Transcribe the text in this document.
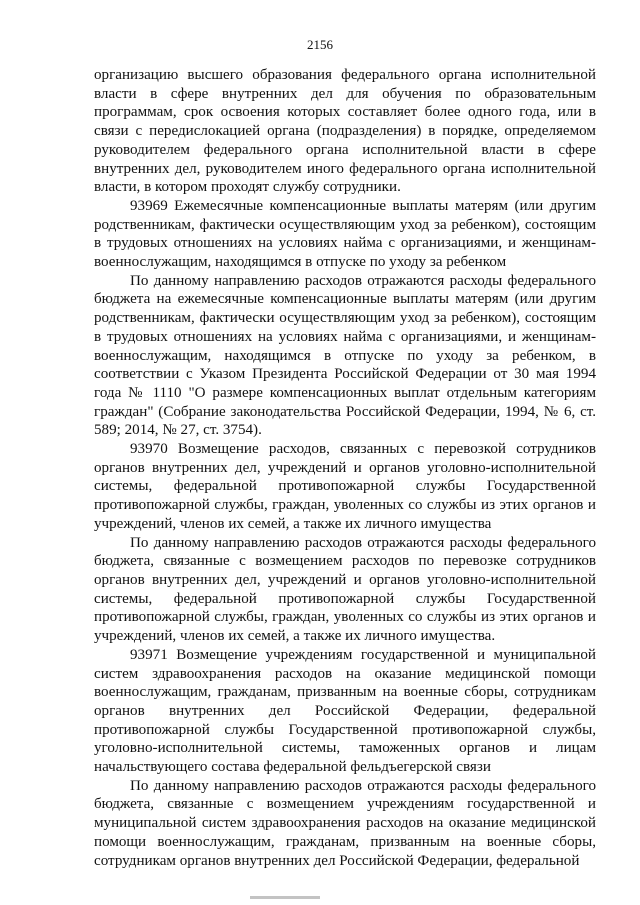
2156

организацию высшего образования федерального органа исполнительной власти в сфере внутренних дел для обучения по образовательным программам, срок освоения которых составляет более одного года, или в связи с передислокацией органа (подразделения) в порядке, определяемом руководителем федерального органа исполнительной власти в сфере внутренних дел, руководителем иного федерального органа исполнительной власти, в котором проходят службу сотрудники.

93969 Ежемесячные компенсационные выплаты матерям (или другим родственникам, фактически осуществляющим уход за ребенком), состоящим в трудовых отношениях на условиях найма с организациями, и женщинам-военнослужащим, находящимся в отпуске по уходу за ребенком

По данному направлению расходов отражаются расходы федерального бюджета на ежемесячные компенсационные выплаты матерям (или другим родственникам, фактически осуществляющим уход за ребенком), состоящим в трудовых отношениях на условиях найма с организациями, и женщинам-военнослужащим, находящимся в отпуске по уходу за ребенком, в соответствии с Указом Президента Российской Федерации от 30 мая 1994 года № 1110 "О размере компенсационных выплат отдельным категориям граждан" (Собрание законодательства Российской Федерации, 1994, № 6, ст. 589; 2014, № 27, ст. 3754).

93970 Возмещение расходов, связанных с перевозкой сотрудников органов внутренних дел, учреждений и органов уголовно-исполнительной системы, федеральной противопожарной службы Государственной противопожарной службы, граждан, уволенных со службы из этих органов и учреждений, членов их семей, а также их личного имущества

По данному направлению расходов отражаются расходы федерального бюджета, связанные с возмещением расходов по перевозке сотрудников органов внутренних дел, учреждений и органов уголовно-исполнительной системы, федеральной противопожарной службы Государственной противопожарной службы, граждан, уволенных со службы из этих органов и учреждений, членов их семей, а также их личного имущества.

93971 Возмещение учреждениям государственной и муниципальной систем здравоохранения расходов на оказание медицинской помощи военнослужащим, гражданам, призванным на военные сборы, сотрудникам органов внутренних дел Российской Федерации, федеральной противопожарной службы Государственной противопожарной службы, уголовно-исполнительной системы, таможенных органов и лицам начальствующего состава федеральной фельдъегерской связи

По данному направлению расходов отражаются расходы федерального бюджета, связанные с возмещением учреждениям государственной и муниципальной систем здравоохранения расходов на оказание медицинской помощи военнослужащим, гражданам, призванным на военные сборы, сотрудникам органов внутренних дел Российской Федерации, федеральной
